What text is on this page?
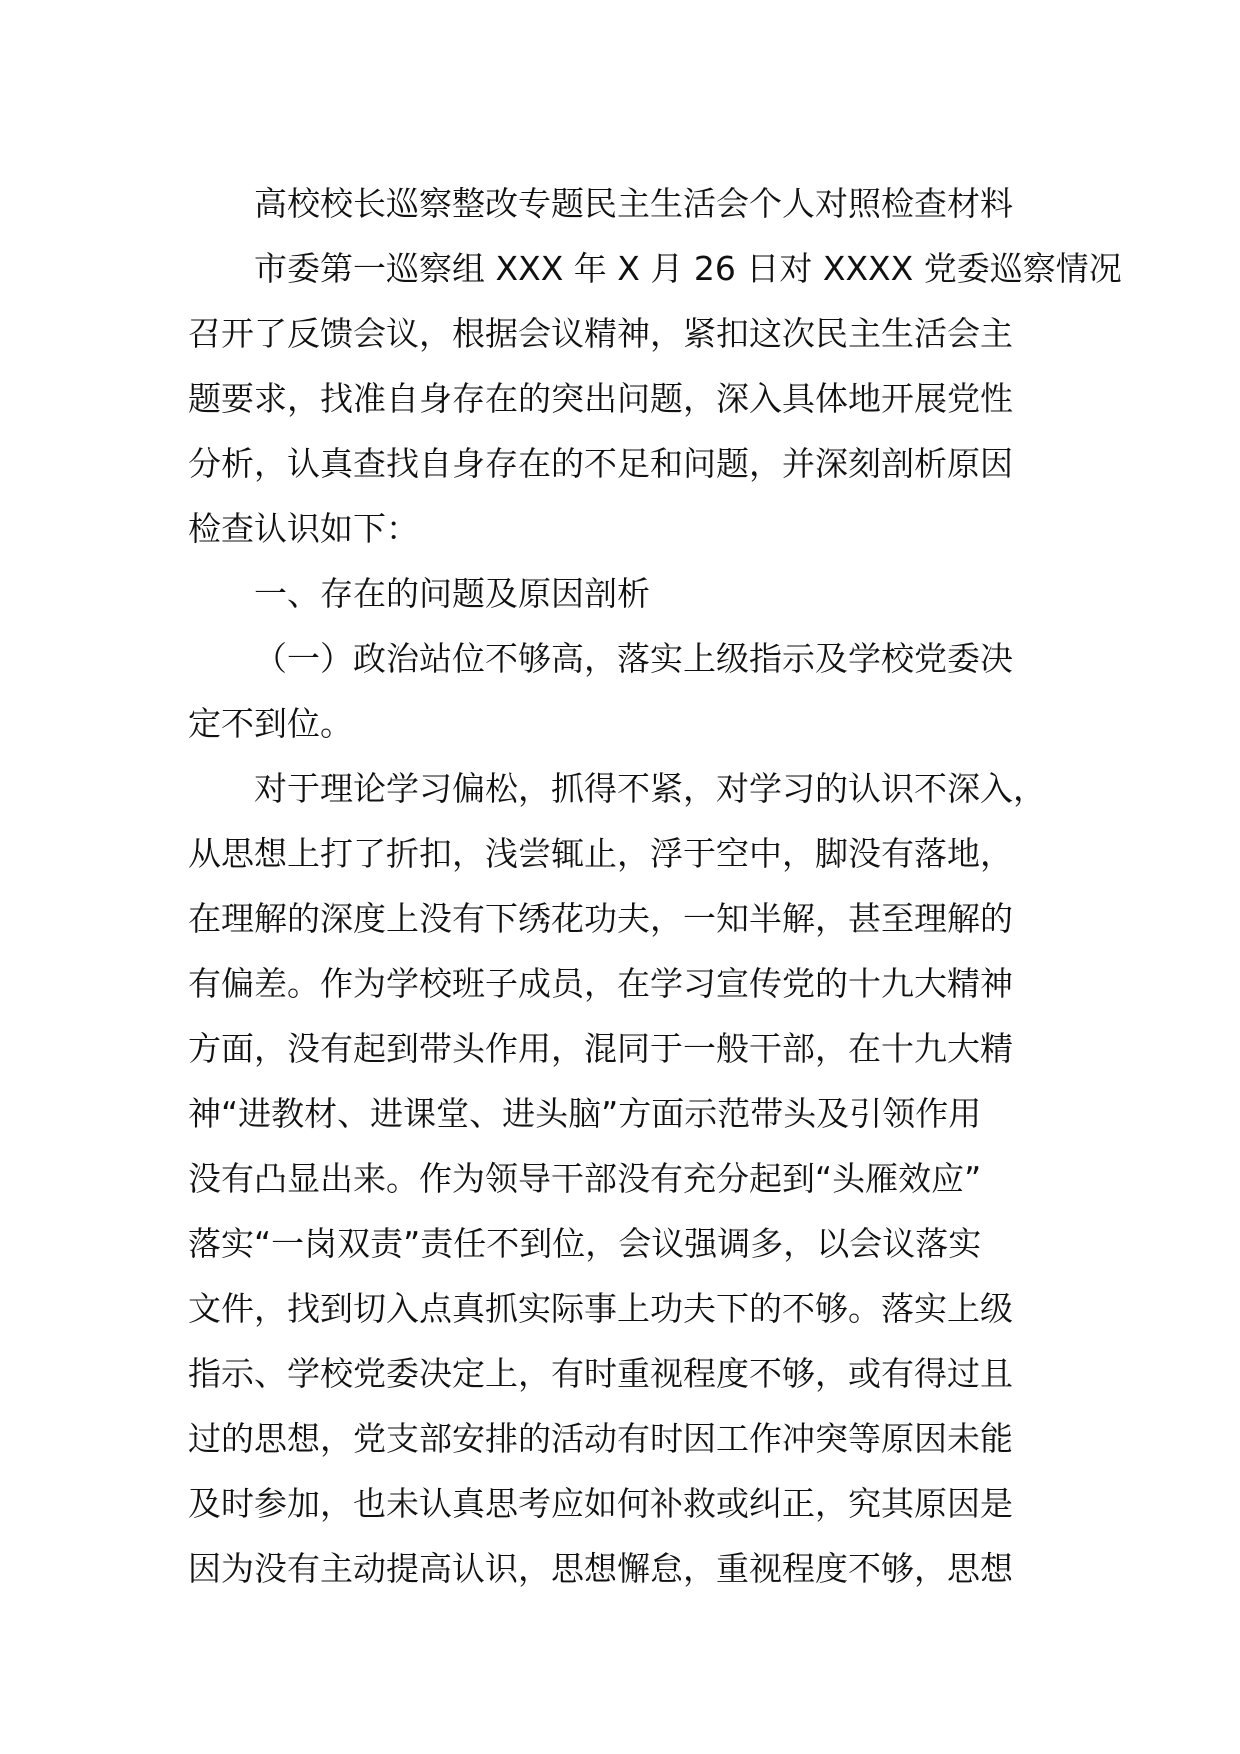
高校校长巡察整改专题民主生活会个人对照检查材料

市委第一巡察组 XXX 年 X 月 26 日对 XXXX 党委巡察情况

召开了反馈会议，根据会议精神，紧扣这次民主生活会主

题要求，找准自身存在的突出问题，深入具体地开展党性

分析，认真查找自身存在的不足和问题，并深刻剖析原因

检查认识如下：

一、存在的问题及原因剖析

（一）政治站位不够高，落实上级指示及学校党委决

定不到位。

对于理论学习偏松，抓得不紧，对学习的认识不深入，

从思想上打了折扣，浅尝辄止，浮于空中，脚没有落地，

在理解的深度上没有下绣花功夫，一知半解，甚至理解的

有偏差。作为学校班子成员，在学习宣传党的十九大精神

方面，没有起到带头作用，混同于一般干部，在十九大精

神“进教材、进课堂、进头脑”方面示范带头及引领作用

没有凸显出来。作为领导干部没有充分起到“头雁效应”

落实“一岗双责”责任不到位，会议强调多，以会议落实

文件，找到切入点真抓实际事上功夫下的不够。落实上级

指示、学校党委决定上，有时重视程度不够，或有得过且

过的思想，党支部安排的活动有时因工作冲突等原因未能

及时参加，也未认真思考应如何补救或纠正，究其原因是

因为没有主动提高认识，思想懈怠，重视程度不够，思想
